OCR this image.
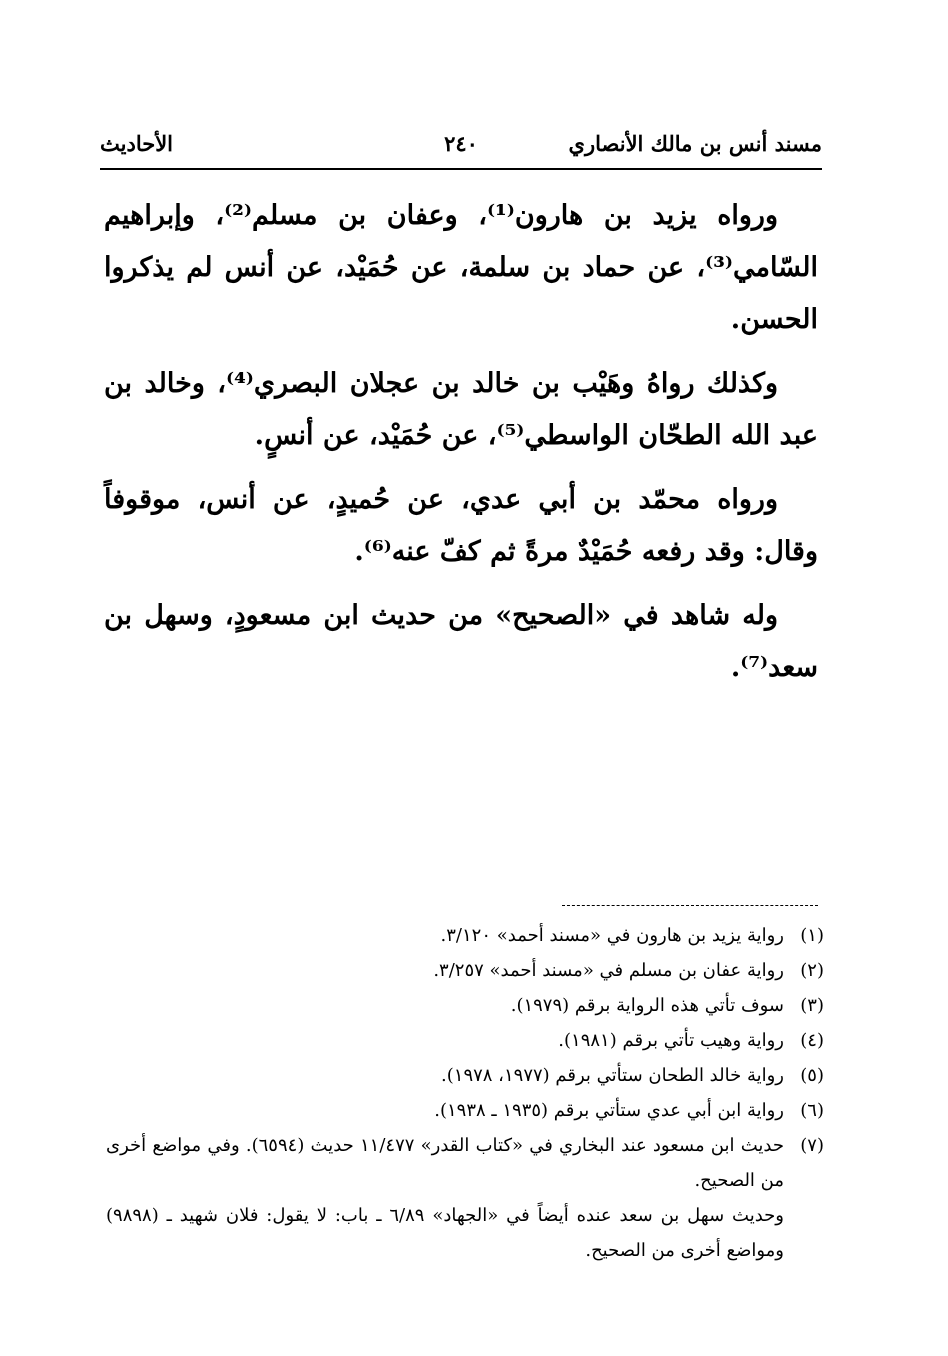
مسند أنس بن مالك الأنصاري
٢٤٠
الأحاديث

ورواه يزيد بن هارون⁽¹⁾، وعفان بن مسلم⁽²⁾، وإبراهيم السّامي⁽³⁾، عن حماد بن سلمة، عن حُمَيْد، عن أنس لم يذكروا الحسن.

وكذلك رواهُ وهَيْب بن خالد بن عجلان البصري⁽⁴⁾، وخالد بن عبد الله الطحّان الواسطي⁽⁵⁾، عن حُمَيْد، عن أنسٍ.

ورواه محمّد بن أبي عدي، عن حُميدٍ، عن أنس، موقوفاً وقال: وقد رفعه حُمَيْدٌ مرةً ثم كفّ عنه⁽⁶⁾.

وله شاهد في «الصحيح» من حديث ابن مسعودٍ، وسهل بن سعد⁽⁷⁾.

(١)
رواية يزيد بن هارون في «مسند أحمد» ٣/١٢٠.
(٢)
رواية عفان بن مسلم في «مسند أحمد» ٣/٢٥٧.
(٣)
سوف تأتي هذه الرواية برقم (١٩٧٩).
(٤)
رواية وهيب تأتي برقم (١٩٨١).
(٥)
رواية خالد الطحان ستأتي برقم (١٩٧٧، ١٩٧٨).
(٦)
رواية ابن أبي عدي ستأتي برقم (١٩٣٥ ـ ١٩٣٨).
(٧)
حديث ابن مسعود عند البخاري في «كتاب القدر» ١١/٤٧٧ حديث (٦٥٩٤). وفي مواضع أخرى من الصحيح.
وحديث سهل بن سعد عنده أيضاً في «الجهاد» ٦/٨٩ ـ باب: لا يقول: فلان شهيد ـ (٩٨٩٨) ومواضع أخرى من الصحيح.
